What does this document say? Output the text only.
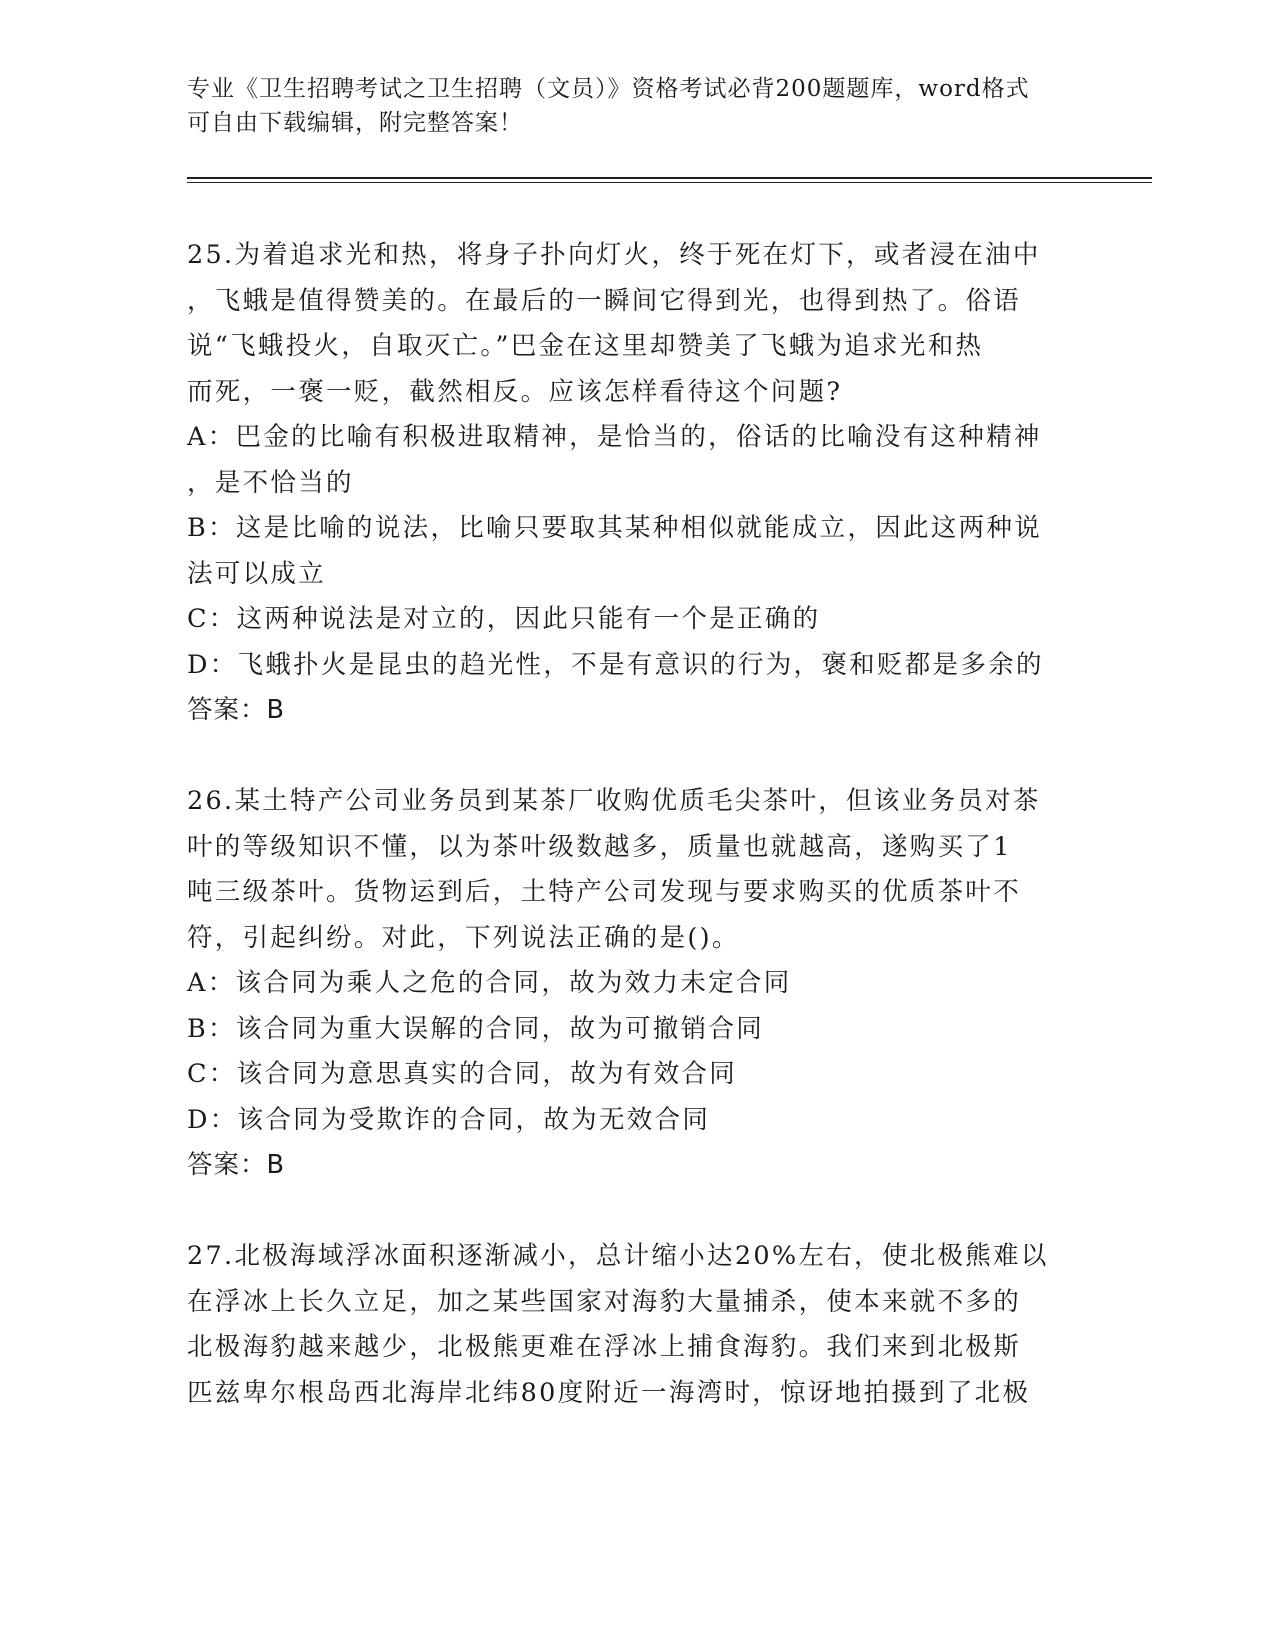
专业《卫生招聘考试之卫生招聘（文员）》资格考试必背200题题库，word格式
可自由下载编辑，附完整答案！
25.为着追求光和热，将身子扑向灯火，终于死在灯下，或者浸在油中
，飞蛾是值得赞美的。在最后的一瞬间它得到光，也得到热了。俗语
说“飞蛾投火，自取灭亡。”巴金在这里却赞美了飞蛾为追求光和热
而死，一褒一贬，截然相反。应该怎样看待这个问题?
A：巴金的比喻有积极进取精神，是恰当的，俗话的比喻没有这种精神
，是不恰当的
B：这是比喻的说法，比喻只要取其某种相似就能成立，因此这两种说
法可以成立
C：这两种说法是对立的，因此只能有一个是正确的
D：飞蛾扑火是昆虫的趋光性，不是有意识的行为，褒和贬都是多余的
答案：B
26.某土特产公司业务员到某茶厂收购优质毛尖茶叶，但该业务员对茶
叶的等级知识不懂，以为茶叶级数越多，质量也就越高，遂购买了1
吨三级茶叶。货物运到后，土特产公司发现与要求购买的优质茶叶不
符，引起纠纷。对此，下列说法正确的是()。
A：该合同为乘人之危的合同，故为效力未定合同
B：该合同为重大误解的合同，故为可撤销合同
C：该合同为意思真实的合同，故为有效合同
D：该合同为受欺诈的合同，故为无效合同
答案：B
27.北极海域浮冰面积逐渐减小，总计缩小达20%左右，使北极熊难以
在浮冰上长久立足，加之某些国家对海豹大量捕杀，使本来就不多的
北极海豹越来越少，北极熊更难在浮冰上捕食海豹。我们来到北极斯
匹兹卑尔根岛西北海岸北纬80度附近一海湾时，惊讶地拍摄到了北极
